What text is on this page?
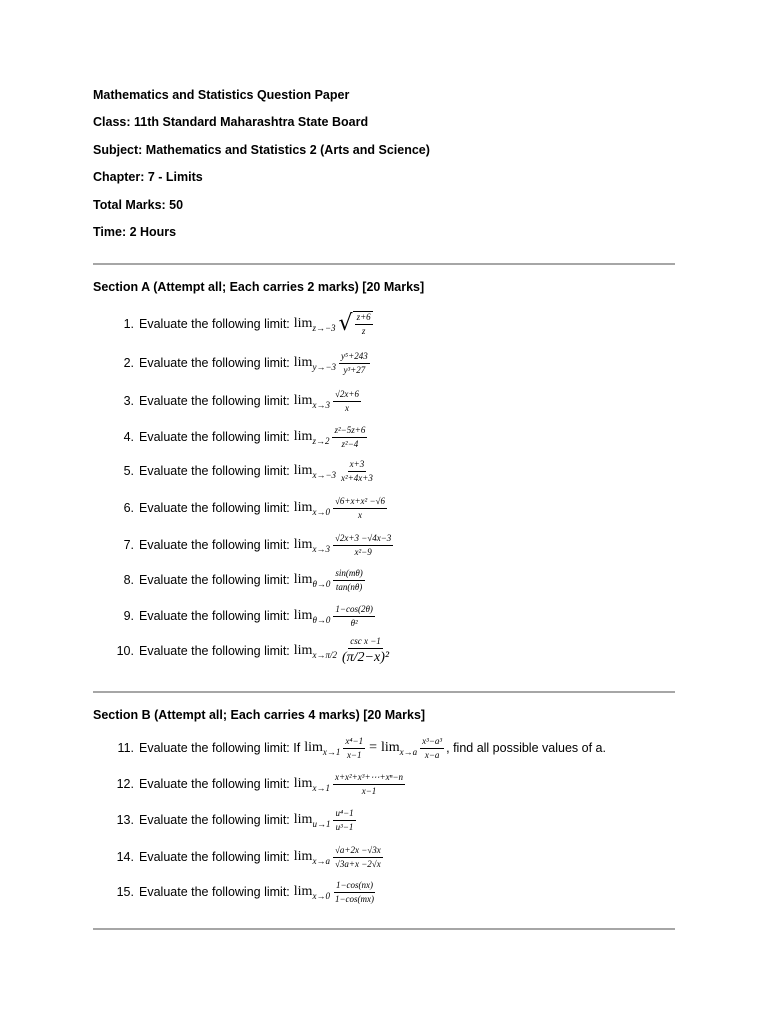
Mathematics and Statistics Question Paper
Class: 11th Standard Maharashtra State Board
Subject: Mathematics and Statistics 2 (Arts and Science)
Chapter: 7 - Limits
Total Marks: 50
Time: 2 Hours
Section A (Attempt all; Each carries 2 marks) [20 Marks]
1. Evaluate the following limit: lim z→−3 √ $\frac{z+6}{z}$
2. Evaluate the following limit: $\lim y\to-3 \frac{\text{y⁵+243}}{\text{y³+27}}$
3. Evaluate the following limit: $\lim x\to 3 \frac{√2x+6}{x}$
4. Evaluate the following limit: $\lim z\to 2 \frac{\text{z²−5z+6}}{\text{z²−4}}$
5. Evaluate the following limit: $\lim x\to-3 \frac{x+3}{\text{x²+4x+3}}$
6. Evaluate the following limit: $\lim x\to 0 \frac{\text{√6+x+x² −√6}}{x}$
7. Evaluate the following limit: $\lim x\to 3 \frac{√2x+3 -√4x-3}{\text{x²−9}}$
8. Evaluate the following limit: $\lim \theta\to 0 \frac{\sin(m\theta)}{\tan(n\theta)}$
9. Evaluate the following limit: $\lim \theta\to 0 \frac{1-\cos(2\theta)}{\text{θ²}}$
10. Evaluate the following limit: $\lim x\to\pi/2 \frac{\text{csc x −1}}{\text{(π/2−x)²}}$
Section B (Attempt all; Each carries 4 marks) [20 Marks]
11. Evaluate the following limit: If $\lim x\to 1 \frac{\text{x⁴−1}}{x-1} = \lim x\to a \frac{\text{x³−a³}}{x-a}$ , find all possible values of a.
12. Evaluate the following limit: $\lim x\to 1 \frac{\text{x+x²+x³+⋯+xⁿ−n}}{x-1}$
13. Evaluate the following limit: $\lim u\to 1 \frac{\text{u⁴−1}}{\text{u³−1}}$
14. Evaluate the following limit: $\lim x\to a \frac{√a+2x -√3x}{√3a+x -2√x}$
15. Evaluate the following limit: $\lim x\to 0 \frac{1-\cos(nx)}{1-\cos(mx)}$
